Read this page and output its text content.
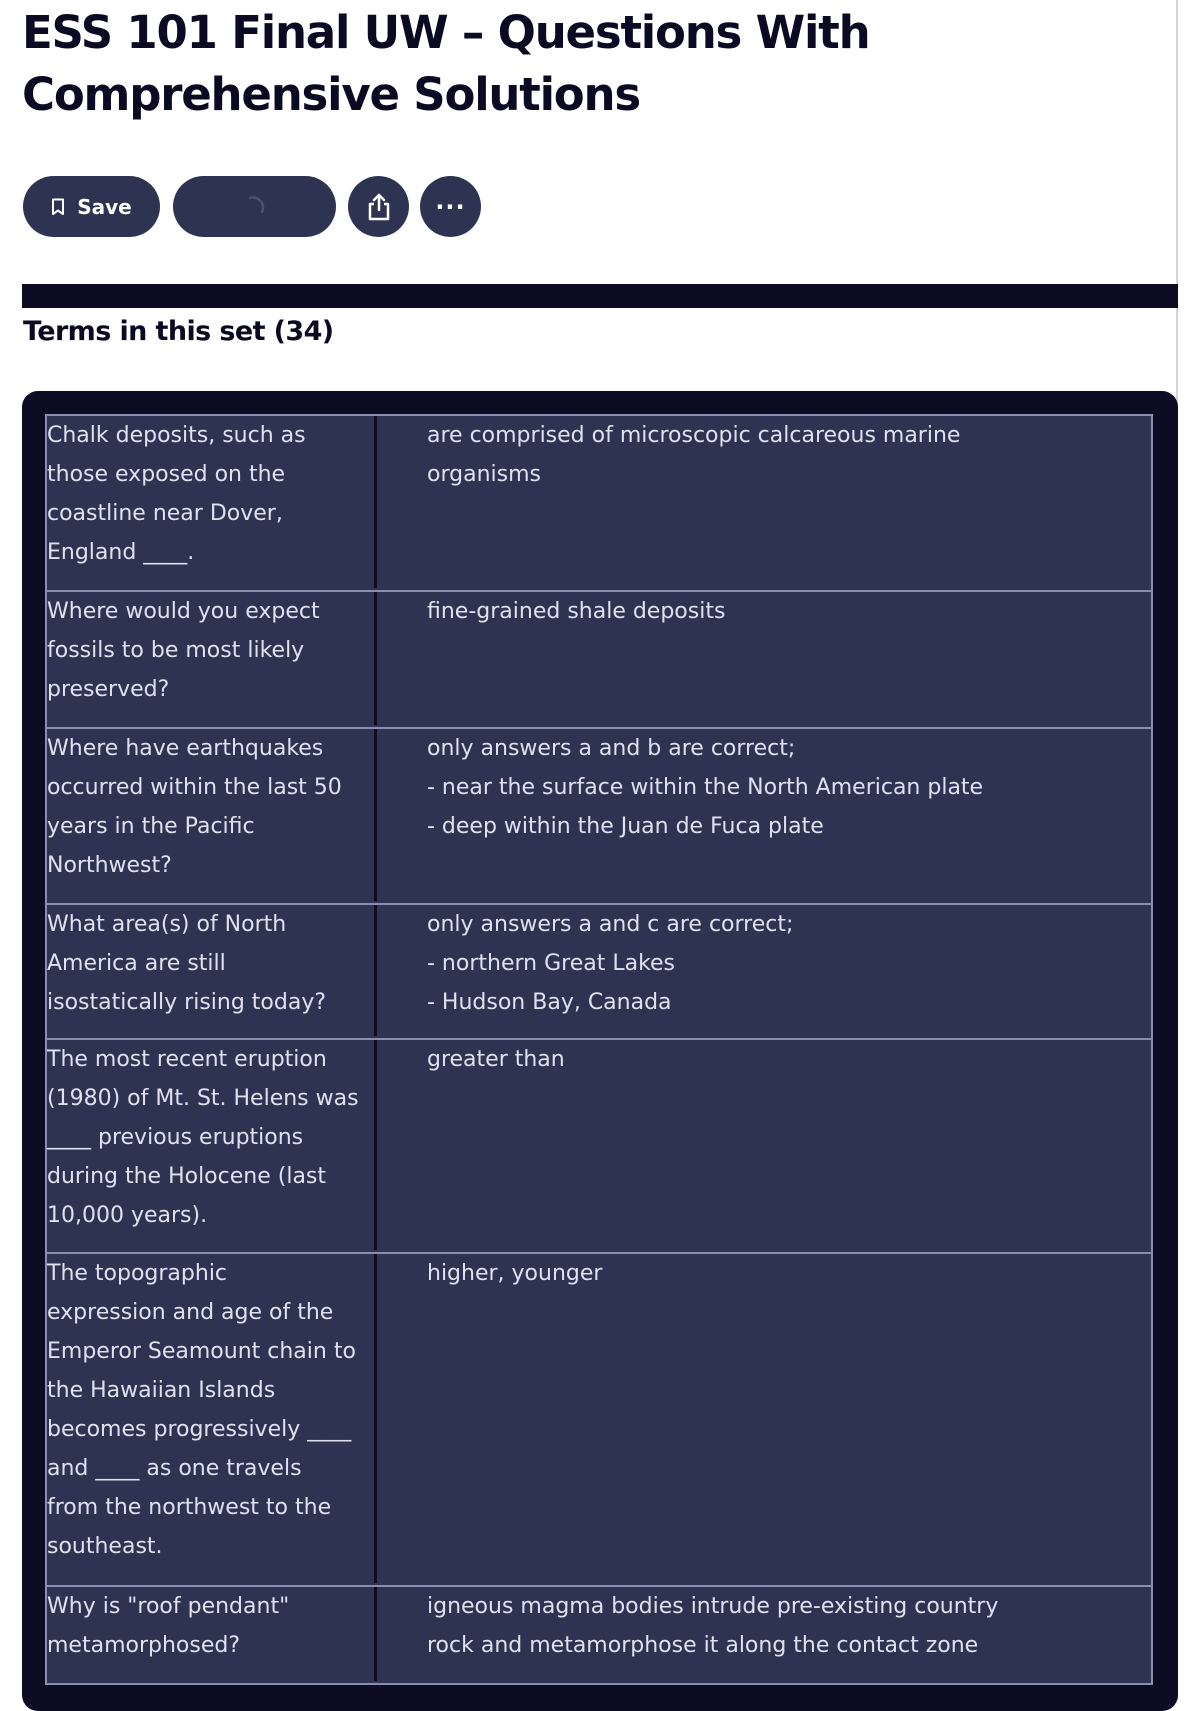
ESS 101 Final UW – Questions With Comprehensive Solutions
Save	···
Terms in this set (34)
Chalk deposits, such as
those exposed on the
coastline near Dover,
England ____.
are comprised of microscopic calcareous marine
organisms
Where would you expect
fossils to be most likely
preserved?
fine-grained shale deposits
Where have earthquakes
occurred within the last 50
years in the Pacific
Northwest?
only answers a and b are correct;
- near the surface within the North American plate
- deep within the Juan de Fuca plate
What area(s) of North
America are still
isostatically rising today?
only answers a and c are correct;
- northern Great Lakes
- Hudson Bay, Canada
The most recent eruption
(1980) of Mt. St. Helens was
____ previous eruptions
during the Holocene (last
10,000 years).
greater than
The topographic
expression and age of the
Emperor Seamount chain to
the Hawaiian Islands
becomes progressively ____
and ____ as one travels
from the northwest to the
southeast.
higher, younger
Why is "roof pendant"
metamorphosed?
igneous magma bodies intrude pre-existing country
rock and metamorphose it along the contact zone
